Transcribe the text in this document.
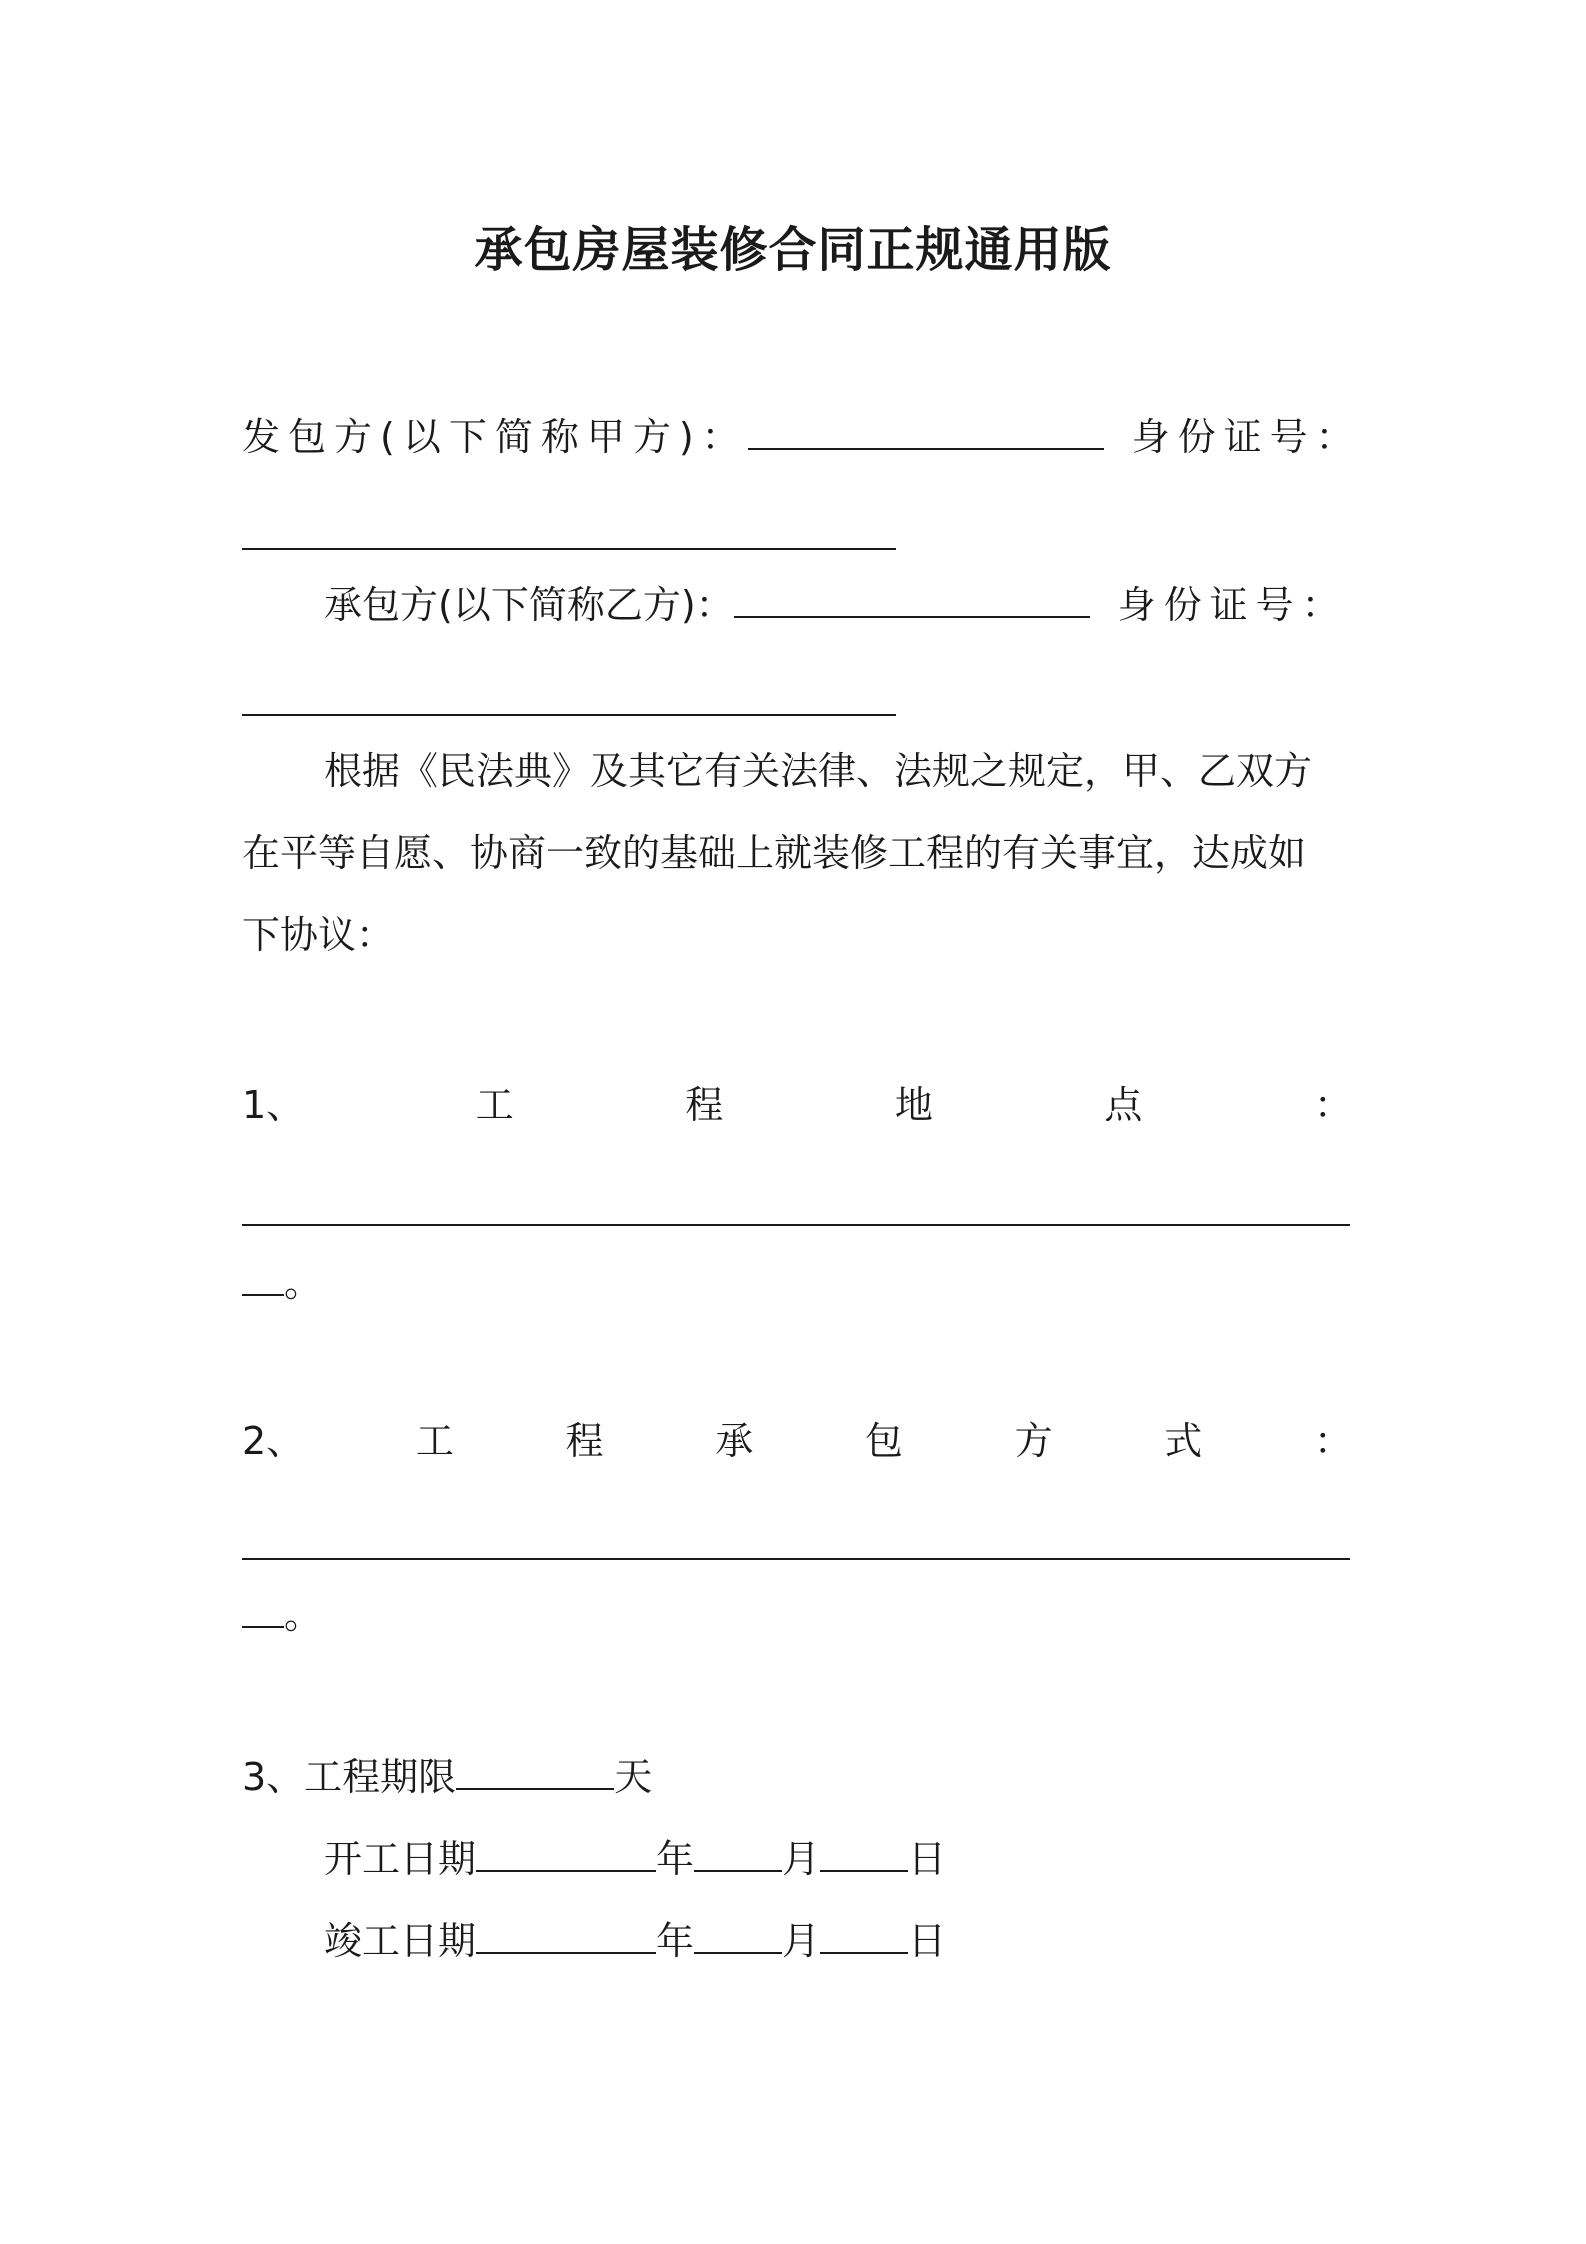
承包房屋装修合同正规通用版
发包方(以下简称甲方)：	身份证号：
承包方(以下简称乙方)：	身份证号：
根据《民法典》及其它有关法律、法规之规定，甲、乙双方
在平等自愿、协商一致的基础上就装修工程的有关事宜，达成如
下协议：
1、	工	程	地	点	：
。
2、	工	程	承	包	方	式	：
。
3、工程期限	天
开工日期	年 月 日
竣工日期	年 月 日
